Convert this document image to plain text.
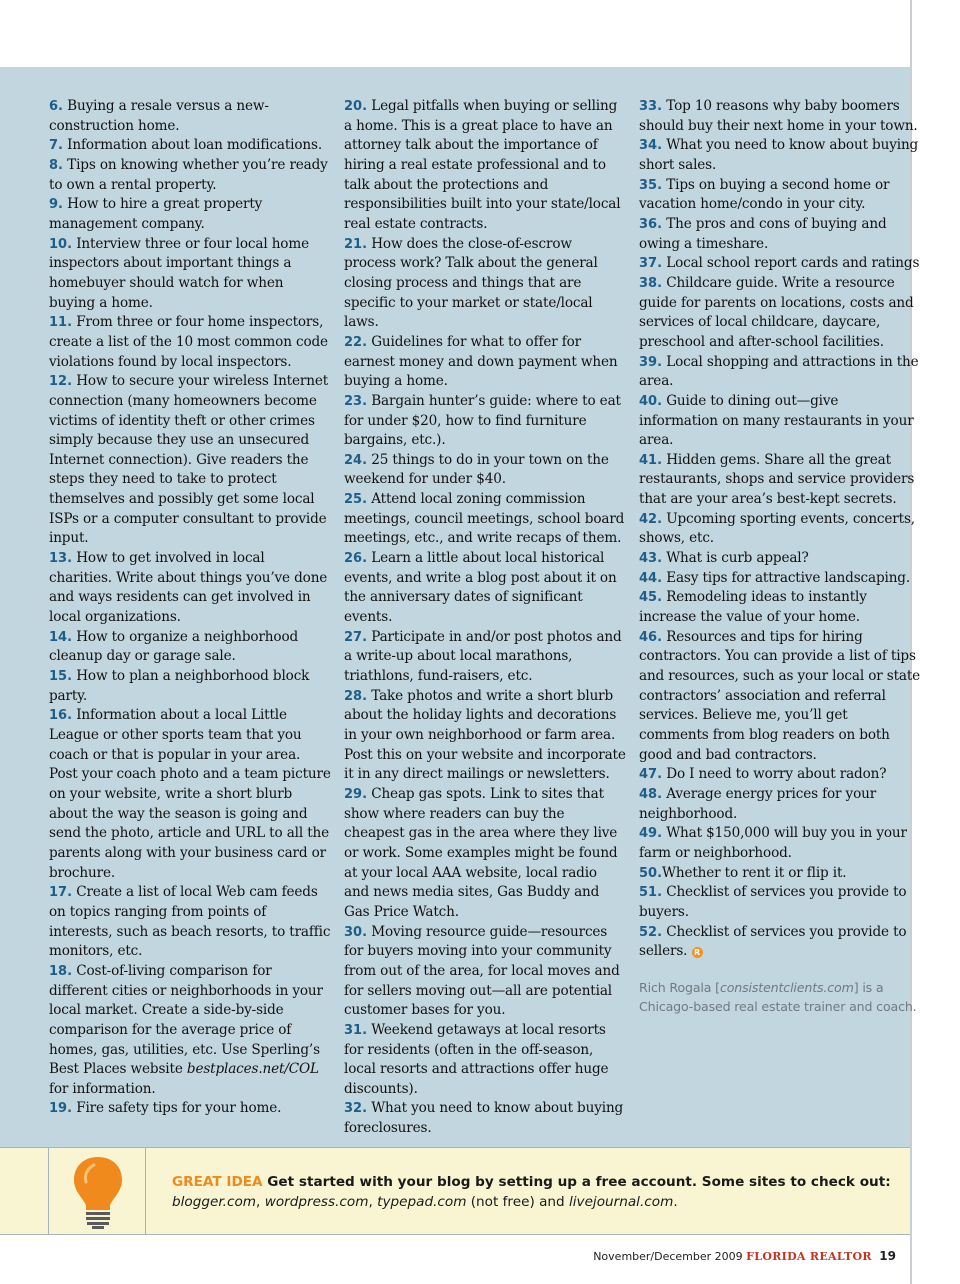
6. Buying a resale versus a new-construction home.

7. Information about loan modifications.

8. Tips on knowing whether you’re ready to own a rental property.

9. How to hire a great property management company.

10. Interview three or four local home inspectors about important things a homebuyer should watch for when buying a home.

11. From three or four home inspectors, create a list of the 10 most common code violations found by local inspectors.

12. How to secure your wireless Internet connection (many homeowners become victims of identity theft or other crimes simply because they use an unsecured Internet connection). Give readers the steps they need to take to protect themselves and possibly get some local ISPs or a computer consultant to provide input.

13. How to get involved in local charities. Write about things you’ve done and ways residents can get involved in local organizations.

14. How to organize a neighborhood cleanup day or garage sale.

15. How to plan a neighborhood block party.

16. Information about a local Little League or other sports team that you coach or that is popular in your area. Post your coach photo and a team picture on your website, write a short blurb about the way the season is going and send the photo, article and URL to all the parents along with your business card or brochure.

17. Create a list of local Web cam feeds on topics ranging from points of interests, such as beach resorts, to traffic monitors, etc.

18. Cost-of-living comparison for different cities or neighborhoods in your local market. Create a side-by-side comparison for the average price of homes, gas, utilities, etc. Use Sperling’s Best Places website bestplaces.net/COL for information.

19. Fire safety tips for your home.

20. Legal pitfalls when buying or selling a home. This is a great place to have an attorney talk about the importance of hiring a real estate professional and to talk about the protections and responsibilities built into your state/local real estate contracts.

21. How does the close-of-escrow process work? Talk about the general closing process and things that are specific to your market or state/local laws.

22. Guidelines for what to offer for earnest money and down payment when buying a home.

23. Bargain hunter’s guide: where to eat for under $20, how to find furniture bargains, etc.).

24. 25 things to do in your town on the weekend for under $40.

25. Attend local zoning commission meetings, council meetings, school board meetings, etc., and write recaps of them.

26. Learn a little about local historical events, and write a blog post about it on the anniversary dates of significant events.

27. Participate in and/or post photos and a write-up about local marathons, triathlons, fund-raisers, etc.

28. Take photos and write a short blurb about the holiday lights and decorations in your own neighborhood or farm area. Post this on your website and incorporate it in any direct mailings or newsletters.

29. Cheap gas spots. Link to sites that show where readers can buy the cheapest gas in the area where they live or work. Some examples might be found at your local AAA website, local radio and news media sites, Gas Buddy and Gas Price Watch.

30. Moving resource guide—resources for buyers moving into your community from out of the area, for local moves and for sellers moving out—all are potential customer bases for you.

31. Weekend getaways at local resorts for residents (often in the off-season, local resorts and attractions offer huge discounts).

32. What you need to know about buying foreclosures.

33. Top 10 reasons why baby boomers should buy their next home in your town.

34. What you need to know about buying short sales.

35. Tips on buying a second home or vacation home/condo in your city.

36. The pros and cons of buying and owing a timeshare.

37. Local school report cards and ratings

38. Childcare guide. Write a resource guide for parents on locations, costs and services of local childcare, daycare, preschool and after-school facilities.

39. Local shopping and attractions in the area.

40. Guide to dining out—give information on many restaurants in your area.

41. Hidden gems. Share all the great restaurants, shops and service providers that are your area’s best-kept secrets.

42. Upcoming sporting events, concerts, shows, etc.

43. What is curb appeal?

44. Easy tips for attractive landscaping.

45. Remodeling ideas to instantly increase the value of your home.

46. Resources and tips for hiring contractors. You can provide a list of tips and resources, such as your local or state contractors’ association and referral services. Believe me, you’ll get comments from blog readers on both good and bad contractors.

47. Do I need to worry about radon?

48. Average energy prices for your neighborhood.

49. What $150,000 will buy you in your farm or neighborhood.

50.Whether to rent it or flip it.

51. Checklist of services you provide to buyers.

52. Checklist of services you provide to sellers. R

Rich Rogala [consistentclients.com] is a Chicago-based real estate trainer and coach.
GREAT IDEA Get started with your blog by setting up a free account. Some sites to check out:
blogger.com, wordpress.com, typepad.com (not free) and livejournal.com.
November/December 2009 FLORIDA REALTOR 19
